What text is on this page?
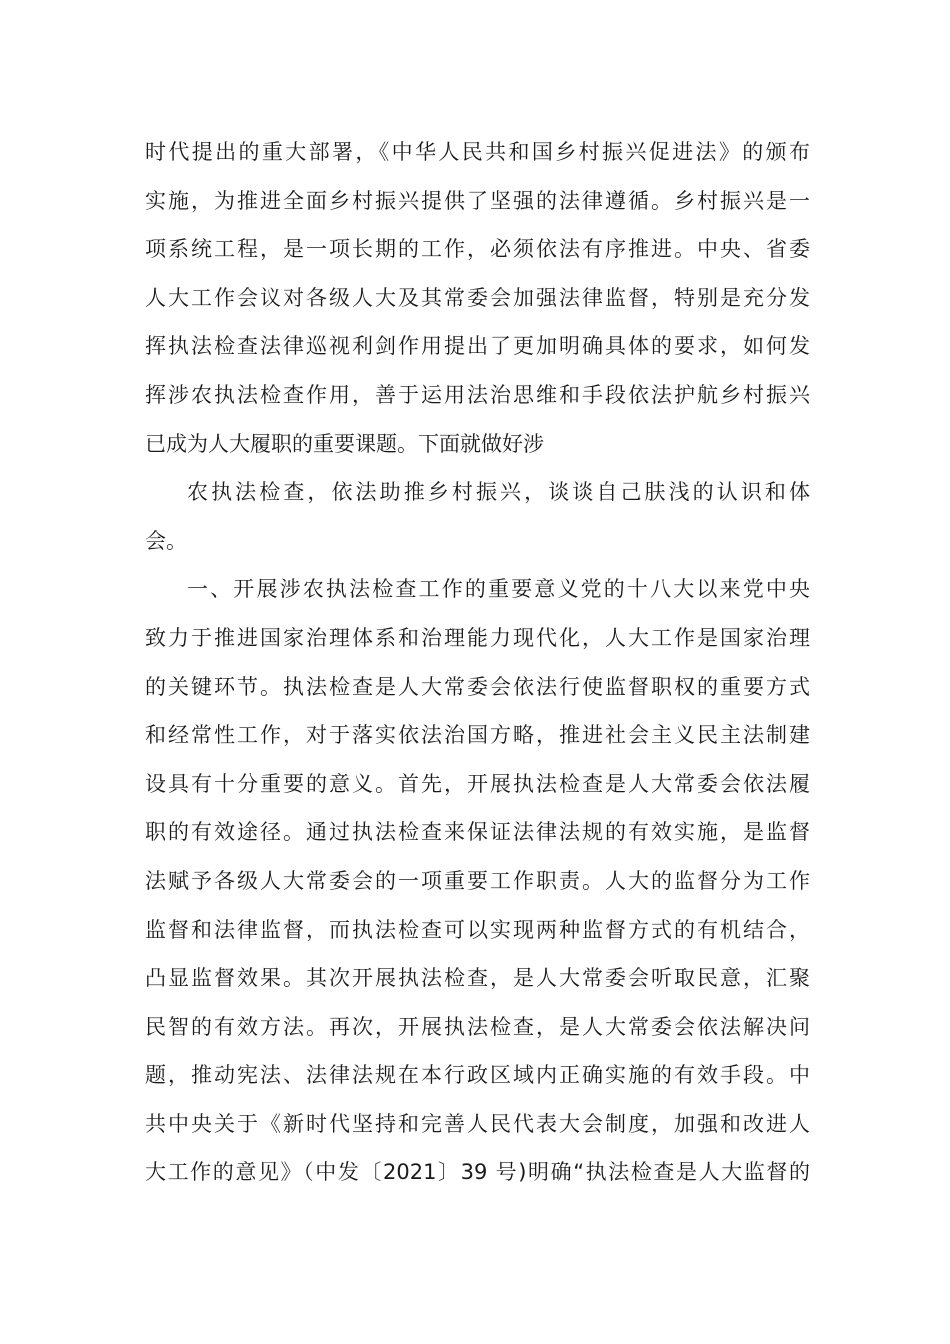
时代提出的重大部署，《中华人民共和国乡村振兴促进法》的颁布
实施，为推进全面乡村振兴提供了坚强的法律遵循。乡村振兴是一
项系统工程，是一项长期的工作，必须依法有序推进。中央、省委
人大工作会议对各级人大及其常委会加强法律监督，特别是充分发
挥执法检查法律巡视利剑作用提出了更加明确具体的要求，如何发
挥涉农执法检查作用，善于运用法治思维和手段依法护航乡村振兴
已成为人大履职的重要课题。下面就做好涉
农执法检查，依法助推乡村振兴，谈谈自己肤浅的认识和体
会。
一、开展涉农执法检查工作的重要意义党的十八大以来党中央
致力于推进国家治理体系和治理能力现代化，人大工作是国家治理
的关键环节。执法检查是人大常委会依法行使监督职权的重要方式
和经常性工作，对于落实依法治国方略，推进社会主义民主法制建
设具有十分重要的意义。首先，开展执法检查是人大常委会依法履
职的有效途径。通过执法检查来保证法律法规的有效实施，是监督
法赋予各级人大常委会的一项重要工作职责。人大的监督分为工作
监督和法律监督，而执法检查可以实现两种监督方式的有机结合，
凸显监督效果。其次开展执法检查，是人大常委会听取民意，汇聚
民智的有效方法。再次，开展执法检查，是人大常委会依法解决问
题，推动宪法、法律法规在本行政区域内正确实施的有效手段。中
共中央关于《新时代坚持和完善人民代表大会制度，加强和改进人
大工作的意见》（中发〔2021〕39 号)明确“执法检查是人大监督的
